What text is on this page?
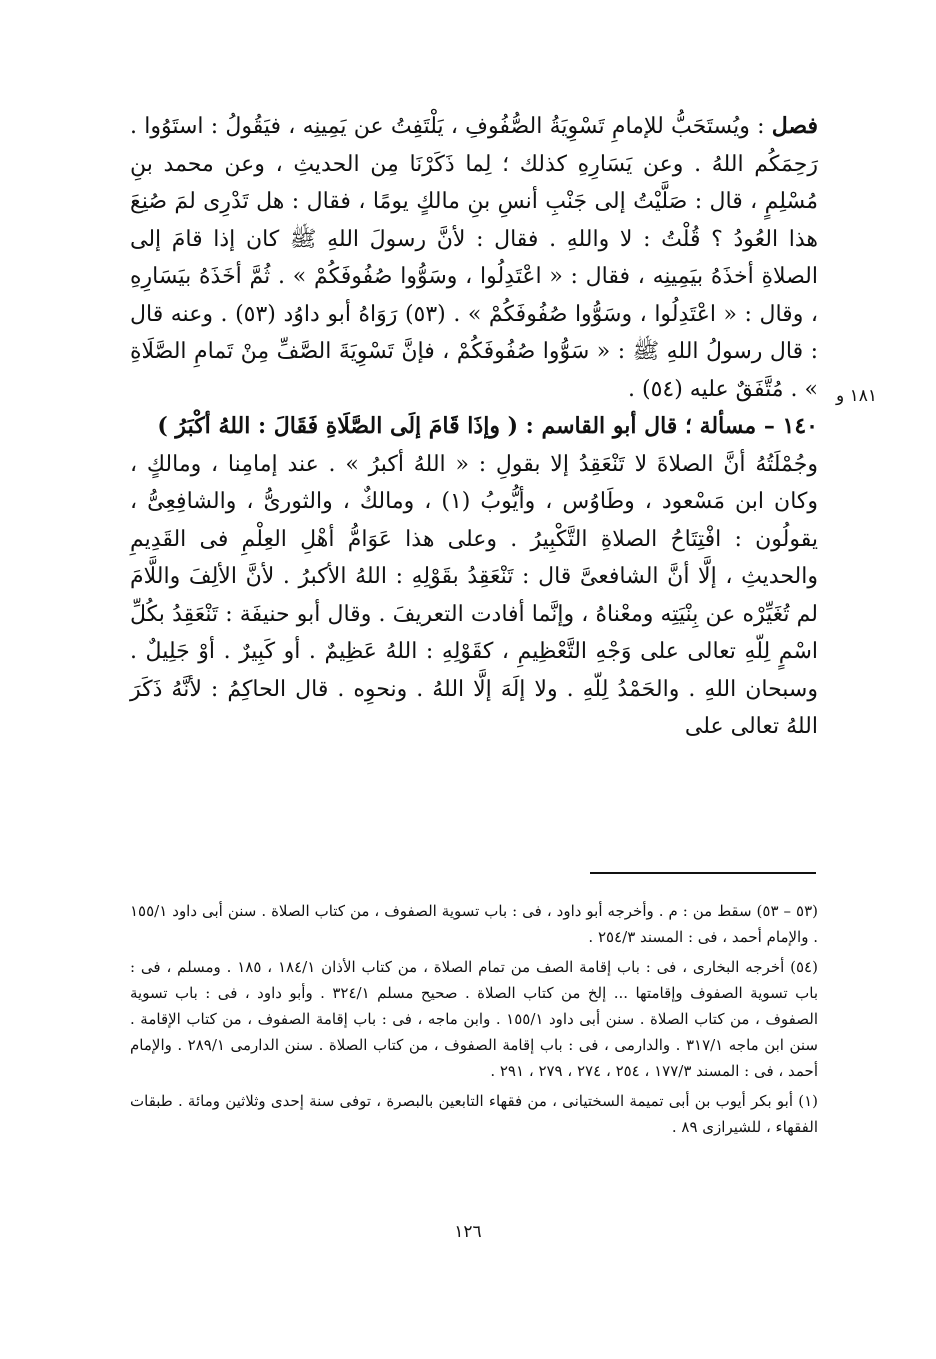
فصل : ويُستَحَبُّ للإمامِ تَسْوِيَةُ الصُّفُوفِ ، يَلْتَفِتُ عن يَمِينِه ، فيَقُولُ : استَوُوا . رَحِمَكُم اللهُ . وعن يَسَارِهِ كذلك ؛ لِما ذَكَرْنَا مِن الحديثِ ، وعن محمد بنِ مُسْلِمٍ ، قال : صَلَّيْتُ إلى جَنْبِ أنسِ بنِ مالكٍ يومًا ، فقال : هل تَدْرِى لمَ صُنِعَ هذا العُودُ ؟ قُلْتُ : لا واللهِ . فقال : لأنَّ رسولَ اللهِ ﷺ كان إذا قامَ إلى الصلاةِ أخذَهُ بيَمِينِه ، فقال : « اعْتَدِلُوا ، وسَوُّوا صُفُوفَكُمْ » . ثُمَّ أخَذَهُ بيَسَارِهِ ، وقال : « اعْتَدِلُوا ، وسَوُّوا صُفُوفَكُمْ » . (٥٣) رَوَاهُ أبو داوُد (٥٣) . وعنه قال : قال رسولُ اللهِ ﷺ : « سَوُّوا صُفُوفَكُمْ ، فإنَّ تَسْوِيَةَ الصَّفِّ مِنْ تَمامِ الصَّلَاةِ » . مُتَّفَقٌ عليه (٥٤) .

١٤٠ – مسألة ؛ قال أبو القاسم : ( وإذَا قَامَ إلَى الصَّلَاةِ فَقَالَ : اللهُ أكْبَرُ )

وجُمْلَتُهُ أنَّ الصلاةَ لا تَنْعَقِدُ إلا بقولِ : « اللهُ أكبرُ » . عند إمامِنا ، ومالكٍ ، وكان ابن مَسْعود ، وطَاوُس ، وأيُّوبُ (١) ، ومالكٌ ، والثورىُّ ، والشافِعِىُّ ، يقولُون : افْتِتَاحُ الصلاةِ التَّكْبِيرُ . وعلى هذا عَوَامُّ أهْلِ العِلْمِ فى القَدِيمِ والحديثِ ، إلَّا أنَّ الشافعىَّ قال : تَنْعَقِدُ بقَوْلِهِ : اللهُ الأكبرُ . لأنَّ الألِفَ واللَّامَ لم تُغَيِّرْه عن بِنْيَتِه ومعْناهُ ، وإنَّما أفادت التعريفَ . وقال أبو حنيفَة : تَنْعَقِدُ بكُلِّ اسْمٍ لِلّهِ تعالى على وَجْهِ التَّعْظِيمِ ، كقَوْلِهِ : اللهُ عَظِيمٌ . أو كَبِيرٌ . أوْ جَلِيلٌ . وسبحان اللهِ . والحَمْدُ لِلّهِ . ولا إلَهَ إلَّا اللهُ . ونحوِه . قال الحاكِمُ : لأنَّهُ ذَكَرَ اللهُ تعالى على

١٨١ و

(٥٣ – ٥٣) سقط من : م . وأخرجه أبو داود ، فى : باب تسوية الصفوف ، من كتاب الصلاة . سنن أبى داود ١٥٥/١ . والإمام أحمد ، فى : المسند ٢٥٤/٣ .

(٥٤) أخرجه البخارى ، فى : باب إقامة الصف من تمام الصلاة ، من كتاب الأذان ١٨٤/١ ، ١٨٥ . ومسلم ، فى : باب تسوية الصفوف وإقامتها ... إلخ من كتاب الصلاة . صحيح مسلم ٣٢٤/١ . وأبو داود ، فى : باب تسوية الصفوف ، من كتاب الصلاة . سنن أبى داود ١٥٥/١ . وابن ماجه ، فى : باب إقامة الصفوف ، من كتاب الإقامة . سنن ابن ماجه ٣١٧/١ . والدارمى ، فى : باب إقامة الصفوف ، من كتاب الصلاة . سنن الدارمى ٢٨٩/١ . والإمام أحمد ، فى : المسند ١٧٧/٣ ، ٢٥٤ ، ٢٧٤ ، ٢٧٩ ، ٢٩١ .

(١) أبو بكر أيوب بن أبى تميمة السختيانى ، من فقهاء التابعين بالبصرة ، توفى سنة إحدى وثلاثين ومائة . طبقات الفقهاء ، للشيرازى ٨٩ .

١٢٦
